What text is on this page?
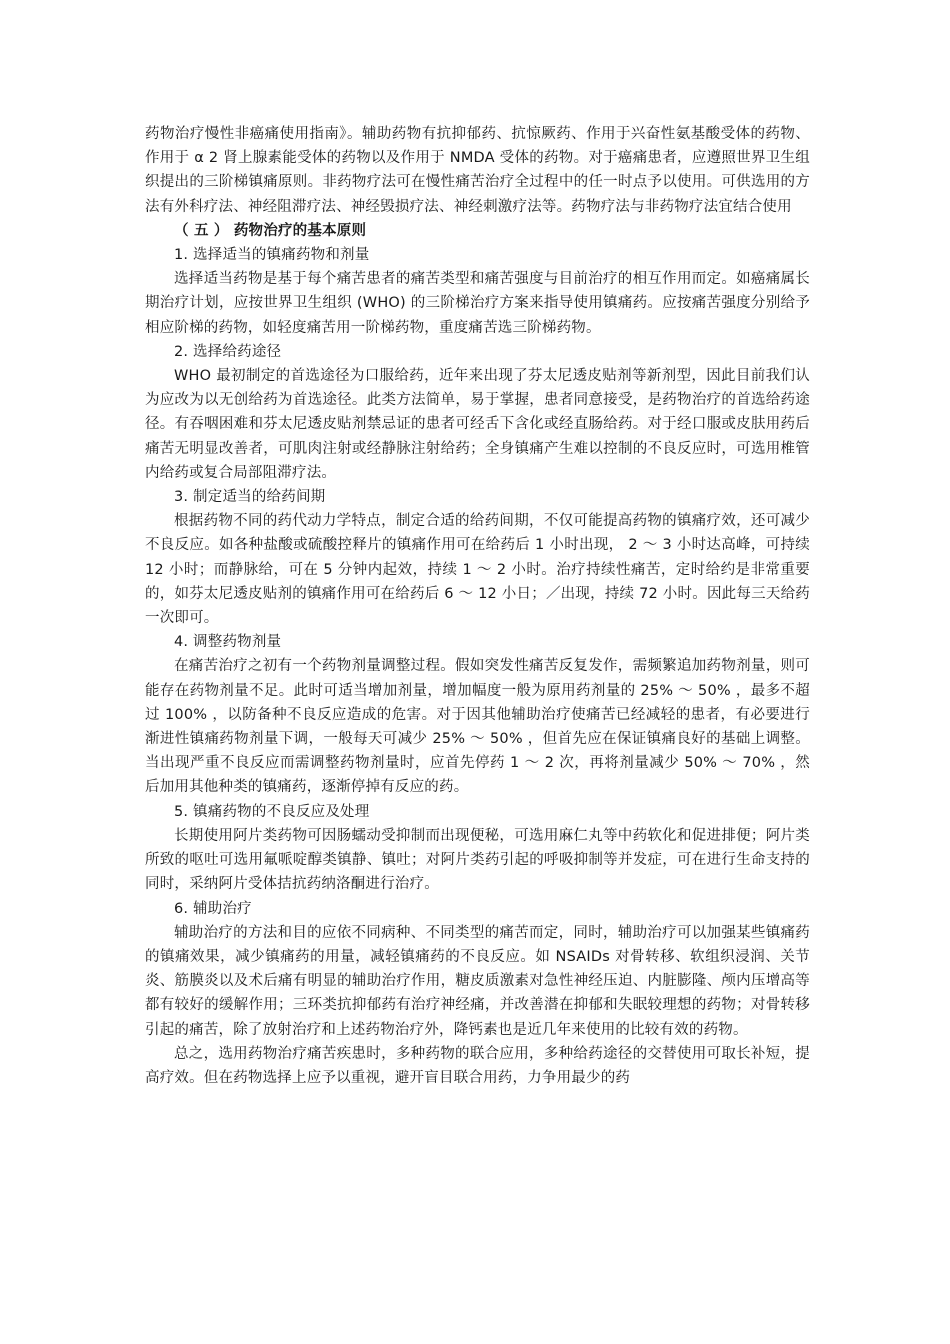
药物治疗慢性非癌痛使用指南》。辅助药物有抗抑郁药、抗惊厥药、作用于兴奋性氨基酸受体的药物、作用于 α 2 肾上腺素能受体的药物以及作用于 NMDA 受体的药物。对于癌痛患者，应遵照世界卫生组织提出的三阶梯镇痛原则。非药物疗法可在慢性痛苦治疗全过程中的任一时点予以使用。可供选用的方法有外科疗法、神经阻滞疗法、神经毁损疗法、神经刺激疗法等。药物疗法与非药物疗法宜结合使用

（ 五 ） 药物治疗的基本原则

1. 选择适当的镇痛药物和剂量

选择适当药物是基于每个痛苦患者的痛苦类型和痛苦强度与目前治疗的相互作用而定。如癌痛属长期治疗计划，应按世界卫生组织 (WHO) 的三阶梯治疗方案来指导使用镇痛药。应按痛苦强度分别给予相应阶梯的药物，如轻度痛苦用一阶梯药物，重度痛苦选三阶梯药物。

2. 选择给药途径

WHO 最初制定的首选途径为口服给药，近年来出现了芬太尼透皮贴剂等新剂型，因此目前我们认为应改为以无创给药为首选途径。此类方法简单，易于掌握，患者同意接受，是药物治疗的首选给药途径。有吞咽困难和芬太尼透皮贴剂禁忌证的患者可经舌下含化或经直肠给药。对于经口服或皮肤用药后痛苦无明显改善者，可肌肉注射或经静脉注射给药；全身镇痛产生难以控制的不良反应时，可选用椎管内给药或复合局部阻滞疗法。

3. 制定适当的给药间期

根据药物不同的药代动力学特点，制定合适的给药间期，不仅可能提高药物的镇痛疗效，还可减少不良反应。如各种盐酸或硫酸控释片的镇痛作用可在给药后 1 小时出现， 2 ～ 3 小时达高峰，可持续 12 小时；而静脉给，可在 5 分钟内起效，持续 1 ～ 2 小时。治疗持续性痛苦，定时给约是非常重要的，如芬太尼透皮贴剂的镇痛作用可在给药后 6 ～ 12 小日；／出现，持续 72 小时。因此每三天给药一次即可。

4. 调整药物剂量

在痛苦治疗之初有一个药物剂量调整过程。假如突发性痛苦反复发作，需频繁追加药物剂量，则可能存在药物剂量不足。此时可适当增加剂量，增加幅度一般为原用药剂量的 25% ～ 50% ，最多不超过 100% ，以防备种不良反应造成的危害。对于因其他辅助治疗使痛苦已经减轻的患者，有必要进行渐进性镇痛药物剂量下调，一般每天可减少 25% ～ 50% ，但首先应在保证镇痛良好的基础上调整。当出现严重不良反应而需调整药物剂量时，应首先停药 1 ～ 2 次，再将剂量减少 50% ～ 70% ，然后加用其他种类的镇痛药，逐渐停掉有反应的药。

5. 镇痛药物的不良反应及处理

长期使用阿片类药物可因肠蠕动受抑制而出现便秘，可选用麻仁丸等中药软化和促进排便；阿片类所致的呕吐可选用氟哌啶醇类镇静、镇吐；对阿片类药引起的呼吸抑制等并发症，可在进行生命支持的同时，采纳阿片受体拮抗药纳洛酮进行治疗。

6. 辅助治疗

辅助治疗的方法和目的应依不同病种、不同类型的痛苦而定，同时，辅助治疗可以加强某些镇痛药的镇痛效果，减少镇痛药的用量，减轻镇痛药的不良反应。如 NSAIDs 对骨转移、软组织浸润、关节炎、筋膜炎以及术后痛有明显的辅助治疗作用，糖皮质激素对急性神经压迫、内脏膨隆、颅内压增高等都有较好的缓解作用；三环类抗抑郁药有治疗神经痛，并改善潜在抑郁和失眠较理想的药物；对骨转移引起的痛苦，除了放射治疗和上述药物治疗外，降钙素也是近几年来使用的比较有效的药物。

总之，选用药物治疗痛苦疾患时，多种药物的联合应用，多种给药途径的交替使用可取长补短，提高疗效。但在药物选择上应予以重视，避开盲目联合用药，力争用最少的药
